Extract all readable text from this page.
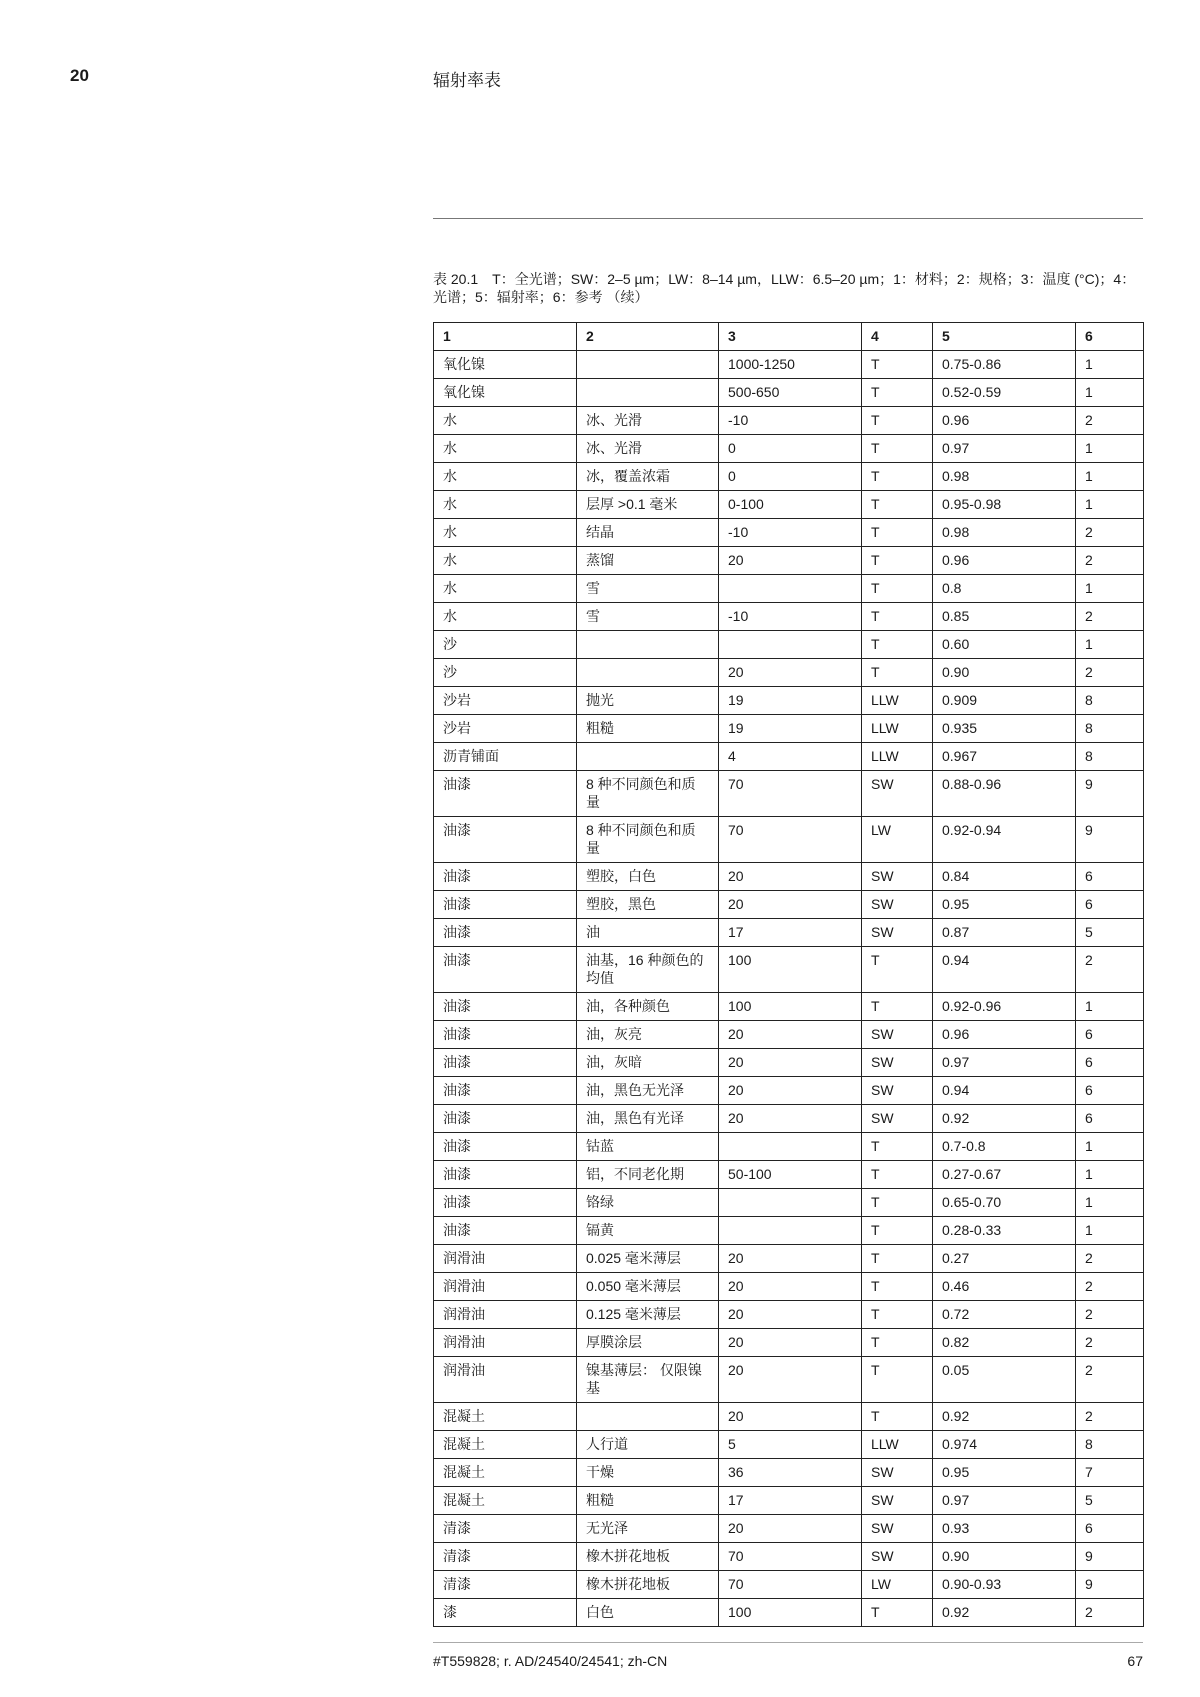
20	辐射率表
表 20.1　T：全光谱；SW：2–5 µm；LW：8–14 µm，LLW：6.5–20 µm；1：材料；2：规格；3：温度 (°C)；4：光谱；5：辐射率；6：参考 （续）
1	2	3	4	5	6
氧化镍		1000-1250	T	0.75-0.86	1
氧化镍		500-650	T	0.52-0.59	1
水	冰、光滑	-10	T	0.96	2
水	冰、光滑	0	T	0.97	1
水	冰，覆盖浓霜	0	T	0.98	1
水	层厚 >0.1 毫米	0-100	T	0.95-0.98	1
水	结晶	-10	T	0.98	2
水	蒸馏	20	T	0.96	2
水	雪		T	0.8	1
水	雪	-10	T	0.85	2
沙			T	0.60	1
沙		20	T	0.90	2
沙岩	抛光	19	LLW	0.909	8
沙岩	粗糙	19	LLW	0.935	8
沥青铺面		4	LLW	0.967	8
油漆	8 种不同颜色和质量	70	SW	0.88-0.96	9
油漆	8 种不同颜色和质量	70	LW	0.92-0.94	9
油漆	塑胶，白色	20	SW	0.84	6
油漆	塑胶，黑色	20	SW	0.95	6
油漆	油	17	SW	0.87	5
油漆	油基，16 种颜色的均值	100	T	0.94	2
油漆	油，各种颜色	100	T	0.92-0.96	1
油漆	油，灰亮	20	SW	0.96	6
油漆	油，灰暗	20	SW	0.97	6
油漆	油，黑色无光泽	20	SW	0.94	6
油漆	油，黑色有光译	20	SW	0.92	6
油漆	钴蓝		T	0.7-0.8	1
油漆	铝，不同老化期	50-100	T	0.27-0.67	1
油漆	铬绿		T	0.65-0.70	1
油漆	镉黄		T	0.28-0.33	1
润滑油	0.025 毫米薄层	20	T	0.27	2
润滑油	0.050 毫米薄层	20	T	0.46	2
润滑油	0.125 毫米薄层	20	T	0.72	2
润滑油	厚膜涂层	20	T	0.82	2
润滑油	镍基薄层： 仅限镍基	20	T	0.05	2
混凝土		20	T	0.92	2
混凝土	人行道	5	LLW	0.974	8
混凝土	干燥	36	SW	0.95	7
混凝土	粗糙	17	SW	0.97	5
清漆	无光泽	20	SW	0.93	6
清漆	橡木拼花地板	70	SW	0.90	9
清漆	橡木拼花地板	70	LW	0.90-0.93	9
漆	白色	100	T	0.92	2
#T559828; r. AD/24540/24541; zh-CN	67
